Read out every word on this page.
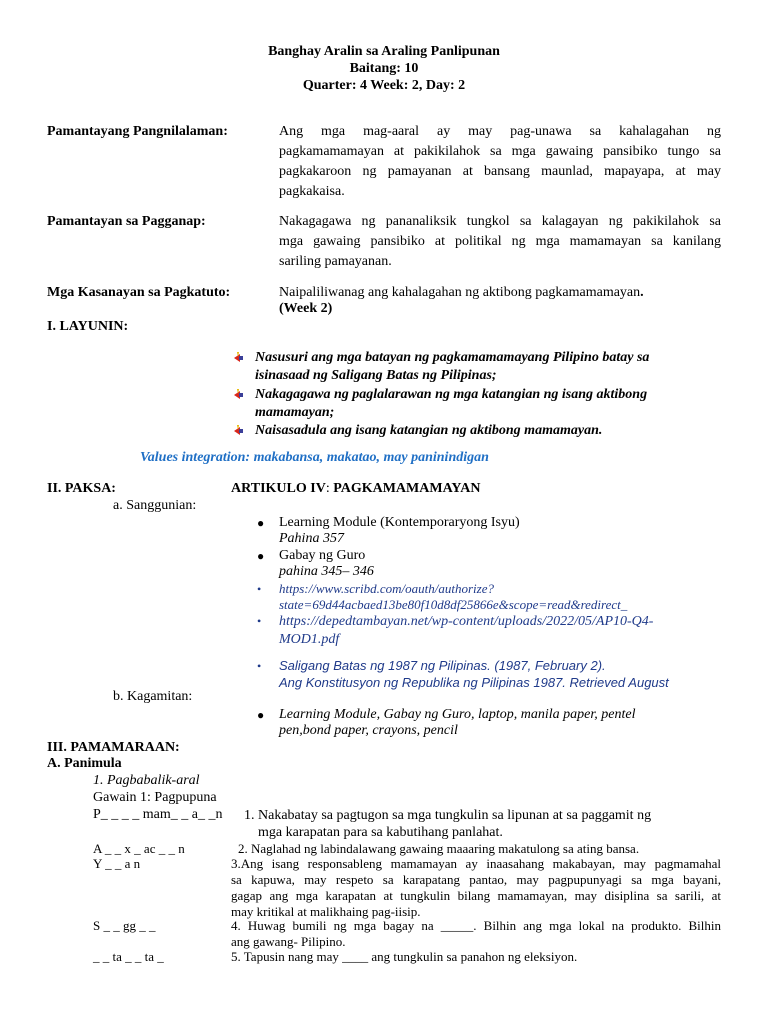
Banghay Aralin sa Araling Panlipunan
Baitang: 10
Quarter: 4 Week: 2, Day: 2
Pamantayang Pangnilalaman:	Ang mga mag-aaral ay may pag-unawa sa kahalagahan ng
pagkamamamayan at pakikilahok sa mga gawaing pansibiko tungo sa
pagkakaroon ng pamayanan at bansang maunlad, mapayapa, at may
pagkakaisa.
Pamantayan sa Pagganap:	Nakagagawa ng pananaliksik tungkol sa kalagayan ng pakikilahok sa
mga gawaing pansibiko at politikal ng mga mamamayan sa kanilang
sariling pamayanan.
Mga Kasanayan sa Pagkatuto:	Naipaliliwanag ang kahalagahan ng aktibong pagkamamamayan.
(Week 2)
I. LAYUNIN:
Nasusuri ang mga batayan ng pagkamamamayang Pilipino batay sa
isinasaad ng Saligang Batas ng Pilipinas;
Nakagagawa ng paglalarawan ng mga katangian ng isang aktibong
mamamayan;
Naisasadula ang isang katangian ng aktibong mamamayan.
Values integration: makabansa, makatao, may paninindigan
II. PAKSA:	ARTIKULO IV: PAGKAMAMAMAYAN
a. Sanggunian:
● Learning Module (Kontemporaryong Isyu)
Pahina 357
● Gabay ng Guro
pahina 345– 346
• https://www.scribd.com/oauth/authorize?
state=69d44acbaed13be80f10d8df25866e&scope=read&redirect_
• https://depedtambayan.net/wp-content/uploads/2022/05/AP10-Q4-
MOD1.pdf
• Saligang Batas ng 1987 ng Pilipinas. (1987, February 2).
Ang Konstitusyon ng Republika ng Pilipinas 1987. Retrieved August
b. Kagamitan:
● Learning Module, Gabay ng Guro, laptop, manila paper, pentel
pen,bond paper, crayons, pencil
III. PAMAMARAAN:
A. Panimula
1. Pagbabalik-aral
Gawain 1: Pagpupuna
P_ _ _ _ mam_ _ a_ _n 1. Nakabatay sa pagtugon sa mga tungkulin sa lipunan at sa paggamit ng
mga karapatan para sa kabutihang panlahat.
A _ _ x _ ac _ _ n	2. Naglahad ng labindalawang gawaing maaaring makatulong sa ating bansa.
Y _ _ a n	3.Ang isang responsableng mamamayan ay inaasahang makabayan, may pagmamahal
sa kapuwa, may respeto sa karapatang pantao, may pagpupunyagi sa mga bayani,
gagap ang mga karapatan at tungkulin bilang mamamayan, may disiplina sa sarili, at
may kritikal at malikhaing pag-iisip.
S _ _ gg _ _	4. Huwag bumili ng mga bagay na _____. Bilhin ang mga lokal na produkto. Bilhin
ang gawang- Pilipino.
_ _ ta _ _ ta _	5. Tapusin nang may ____ ang tungkulin sa panahon ng eleksiyon.
